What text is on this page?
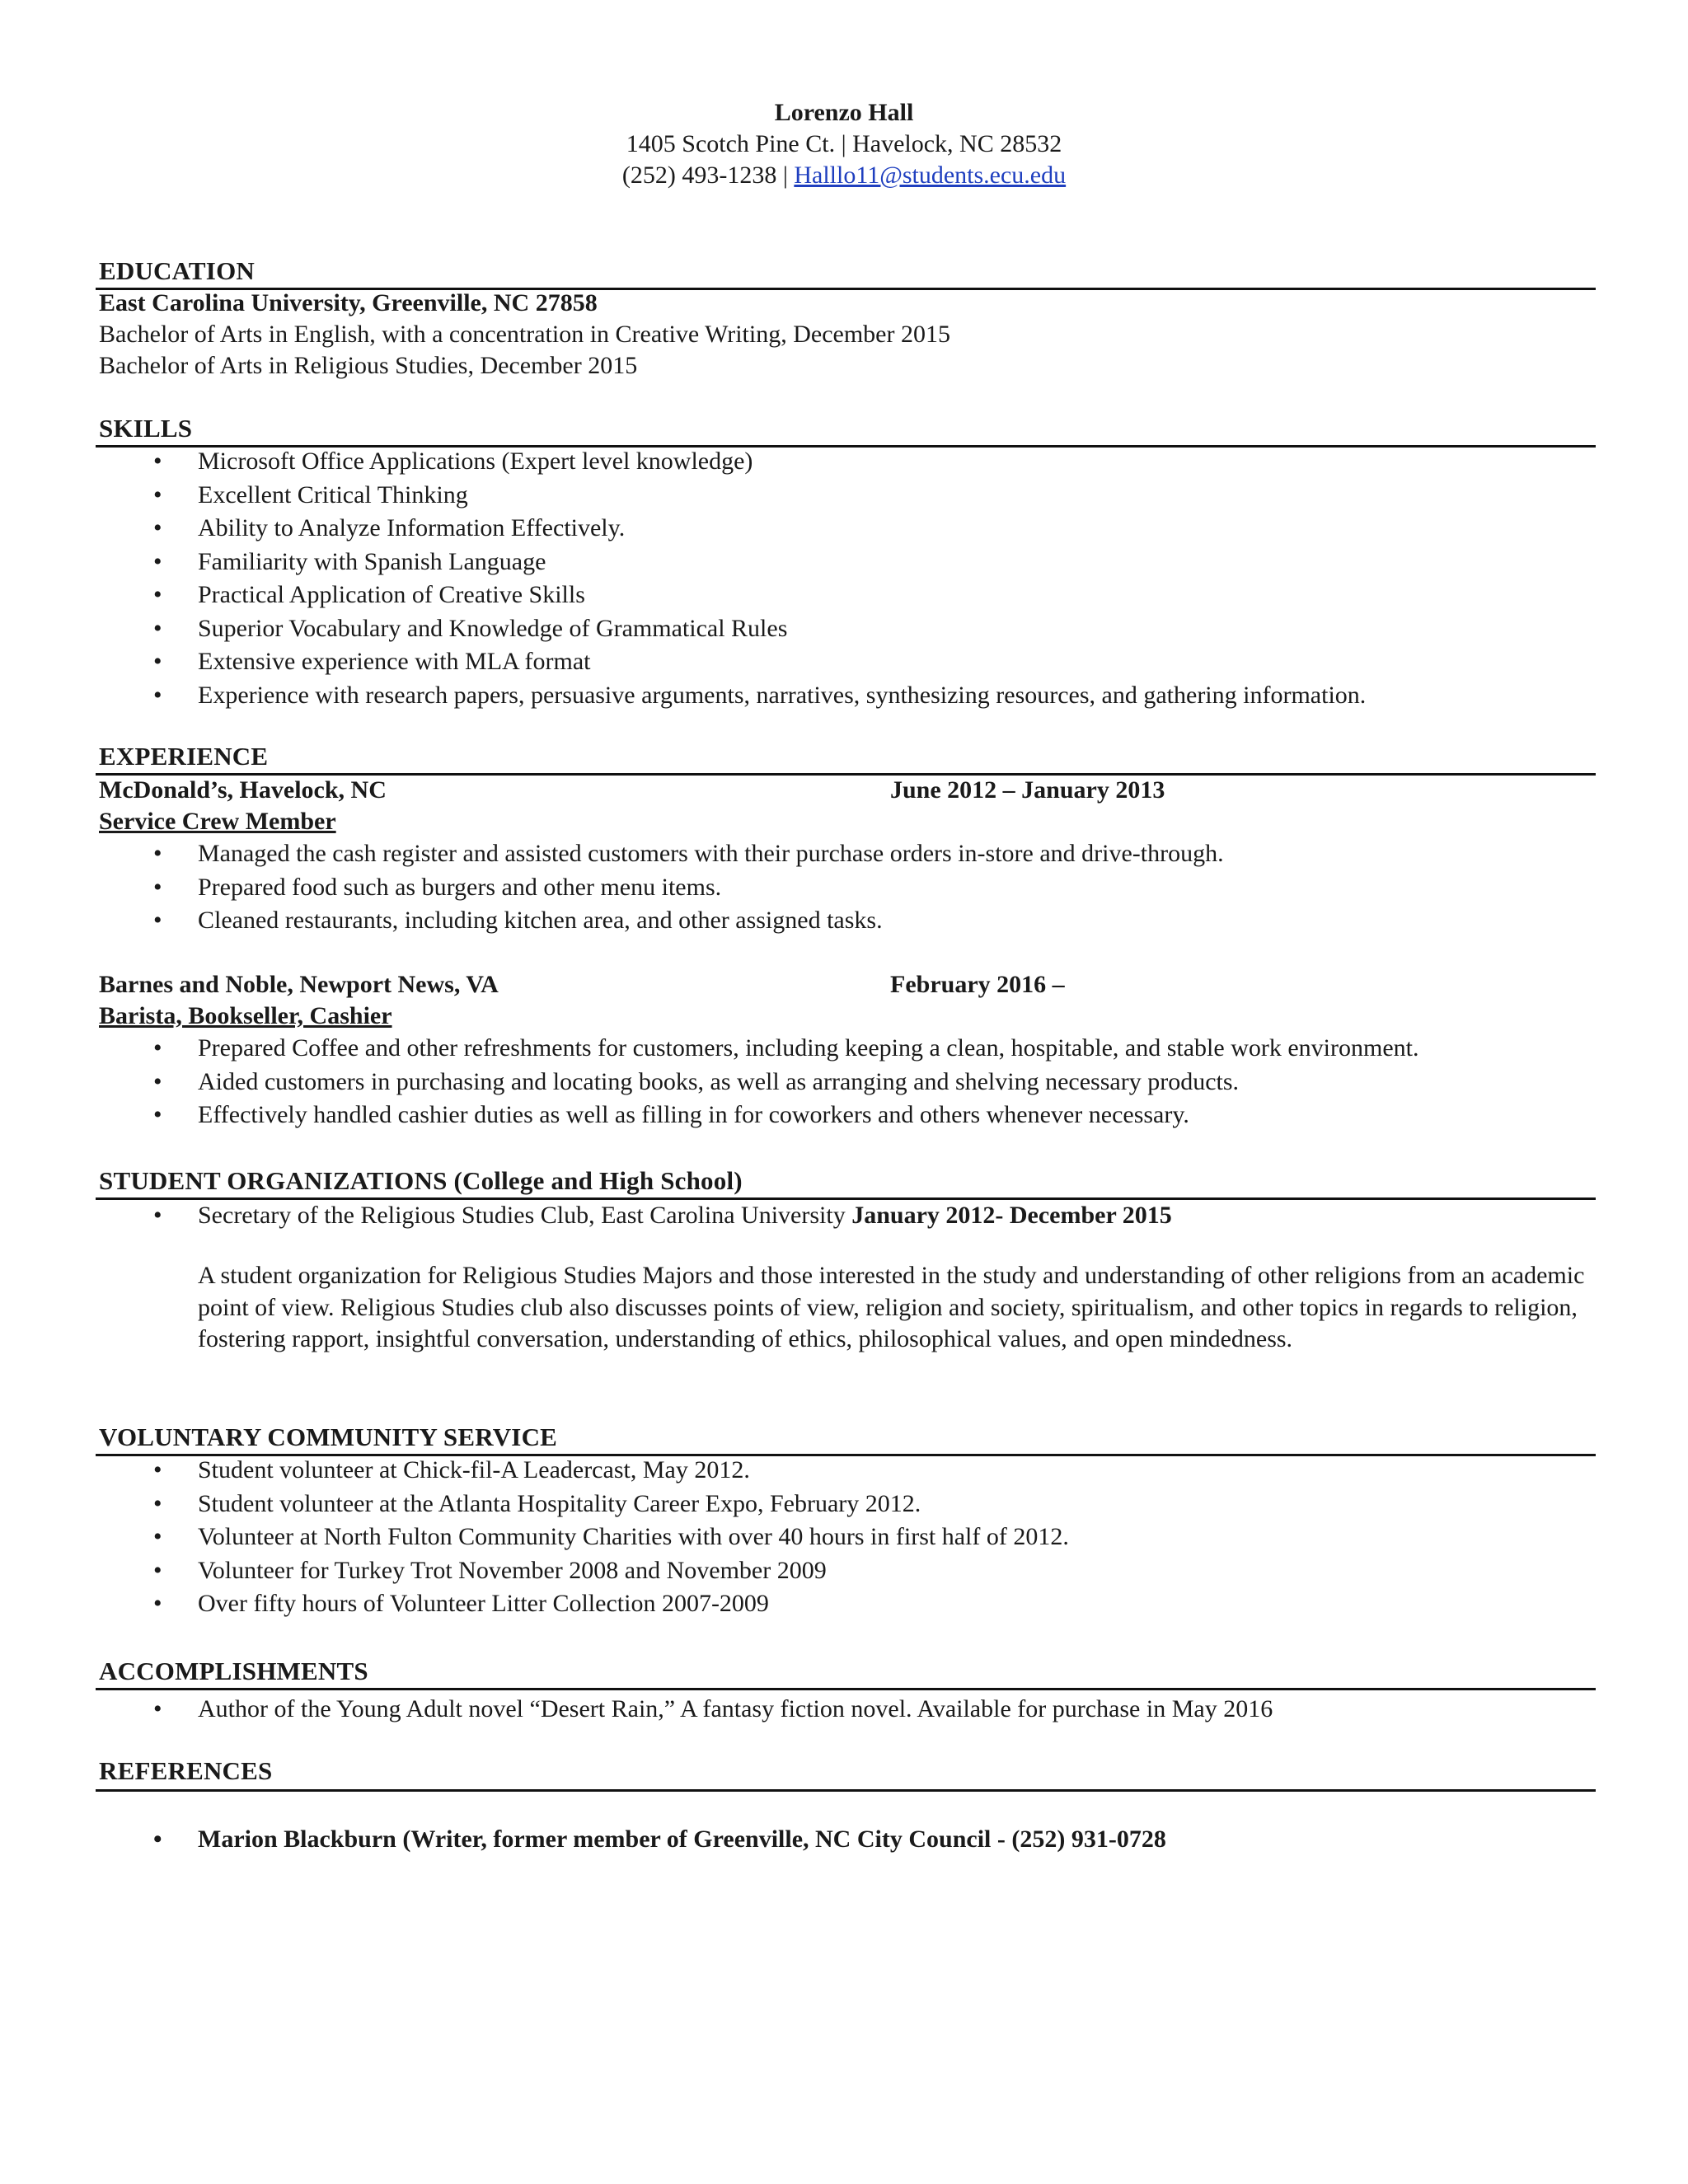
Lorenzo Hall
1405 Scotch Pine Ct. | Havelock, NC 28532
(252) 493-1238 | Halllo11@students.ecu.edu
EDUCATION
East Carolina University, Greenville, NC 27858
Bachelor of Arts in English, with a concentration in Creative Writing, December 2015
Bachelor of Arts in Religious Studies, December 2015
SKILLS
• Microsoft Office Applications (Expert level knowledge)
• Excellent Critical Thinking
• Ability to Analyze Information Effectively.
• Familiarity with Spanish Language
• Practical Application of Creative Skills
• Superior Vocabulary and Knowledge of Grammatical Rules
• Extensive experience with MLA format
• Experience with research papers, persuasive arguments, narratives, synthesizing resources, and gathering information.
EXPERIENCE
McDonald’s, Havelock, NC	June 2012 – January 2013
Service Crew Member
• Managed the cash register and assisted customers with their purchase orders in-store and drive-through.
• Prepared food such as burgers and other menu items.
• Cleaned restaurants, including kitchen area, and other assigned tasks.
Barnes and Noble, Newport News, VA	February 2016 –
Barista, Bookseller, Cashier
• Prepared Coffee and other refreshments for customers, including keeping a clean, hospitable, and stable work environment.
• Aided customers in purchasing and locating books, as well as arranging and shelving necessary products.
• Effectively handled cashier duties as well as filling in for coworkers and others whenever necessary.
STUDENT ORGANIZATIONS (College and High School)
• Secretary of the Religious Studies Club, East Carolina University January 2012- December 2015
A student organization for Religious Studies Majors and those interested in the study and understanding of other religions from an academic point of view. Religious Studies club also discusses points of view, religion and society, spiritualism, and other topics in regards to religion, fostering rapport, insightful conversation, understanding of ethics, philosophical values, and open mindedness.
VOLUNTARY COMMUNITY SERVICE
• Student volunteer at Chick-fil-A Leadercast, May 2012.
• Student volunteer at the Atlanta Hospitality Career Expo, February 2012.
• Volunteer at North Fulton Community Charities with over 40 hours in first half of 2012.
• Volunteer for Turkey Trot November 2008 and November 2009
• Over fifty hours of Volunteer Litter Collection 2007-2009
ACCOMPLISHMENTS
• Author of the Young Adult novel “Desert Rain,” A fantasy fiction novel. Available for purchase in May 2016
REFERENCES
• Marion Blackburn (Writer, former member of Greenville, NC City Council - (252) 931-0728
